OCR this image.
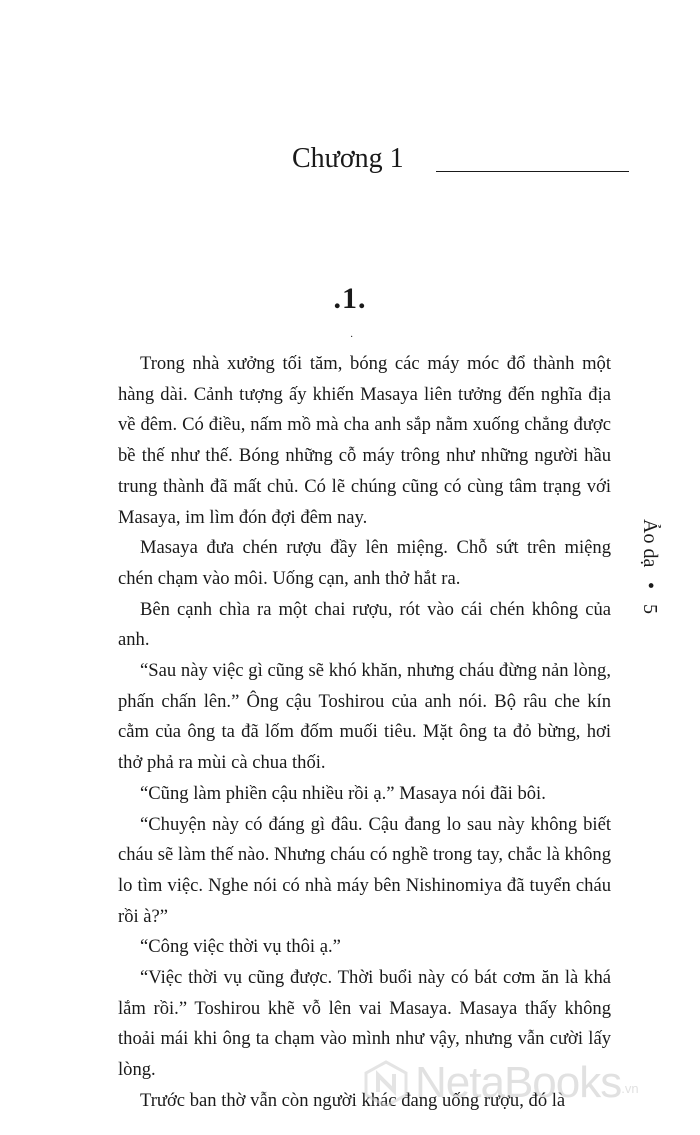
Chương 1
.1.
·

Trong nhà xưởng tối tăm, bóng các máy móc đổ thành một hàng dài. Cảnh tượng ấy khiến Masaya liên tưởng đến nghĩa địa về đêm. Có điều, nấm mồ mà cha anh sắp nằm xuống chẳng được bề thế như thế. Bóng những cỗ máy trông như những người hầu trung thành đã mất chủ. Có lẽ chúng cũng có cùng tâm trạng với Masaya, im lìm đón đợi đêm nay.

Masaya đưa chén rượu đầy lên miệng. Chỗ sứt trên miệng chén chạm vào môi. Uống cạn, anh thở hắt ra.

Bên cạnh chìa ra một chai rượu, rót vào cái chén không của anh.

“Sau này việc gì cũng sẽ khó khăn, nhưng cháu đừng nản lòng, phấn chấn lên.” Ông cậu Toshirou của anh nói. Bộ râu che kín cằm của ông ta đã lốm đốm muối tiêu. Mặt ông ta đỏ bừng, hơi thở phả ra mùi cà chua thối.

“Cũng làm phiền cậu nhiều rồi ạ.” Masaya nói đãi bôi.

“Chuyện này có đáng gì đâu. Cậu đang lo sau này không biết cháu sẽ làm thế nào. Nhưng cháu có nghề trong tay, chắc là không lo tìm việc. Nghe nói có nhà máy bên Nishinomiya đã tuyển cháu rồi à?”

“Công việc thời vụ thôi ạ.”

“Việc thời vụ cũng được. Thời buổi này có bát cơm ăn là khá lắm rồi.” Toshirou khẽ vỗ lên vai Masaya. Masaya thấy không thoải mái khi ông ta chạm vào mình như vậy, nhưng vẫn cười lấy lòng.

Trước ban thờ vẫn còn người khác đang uống rượu, đó là

Ảo dạ • 5
NetaBooks .vn
